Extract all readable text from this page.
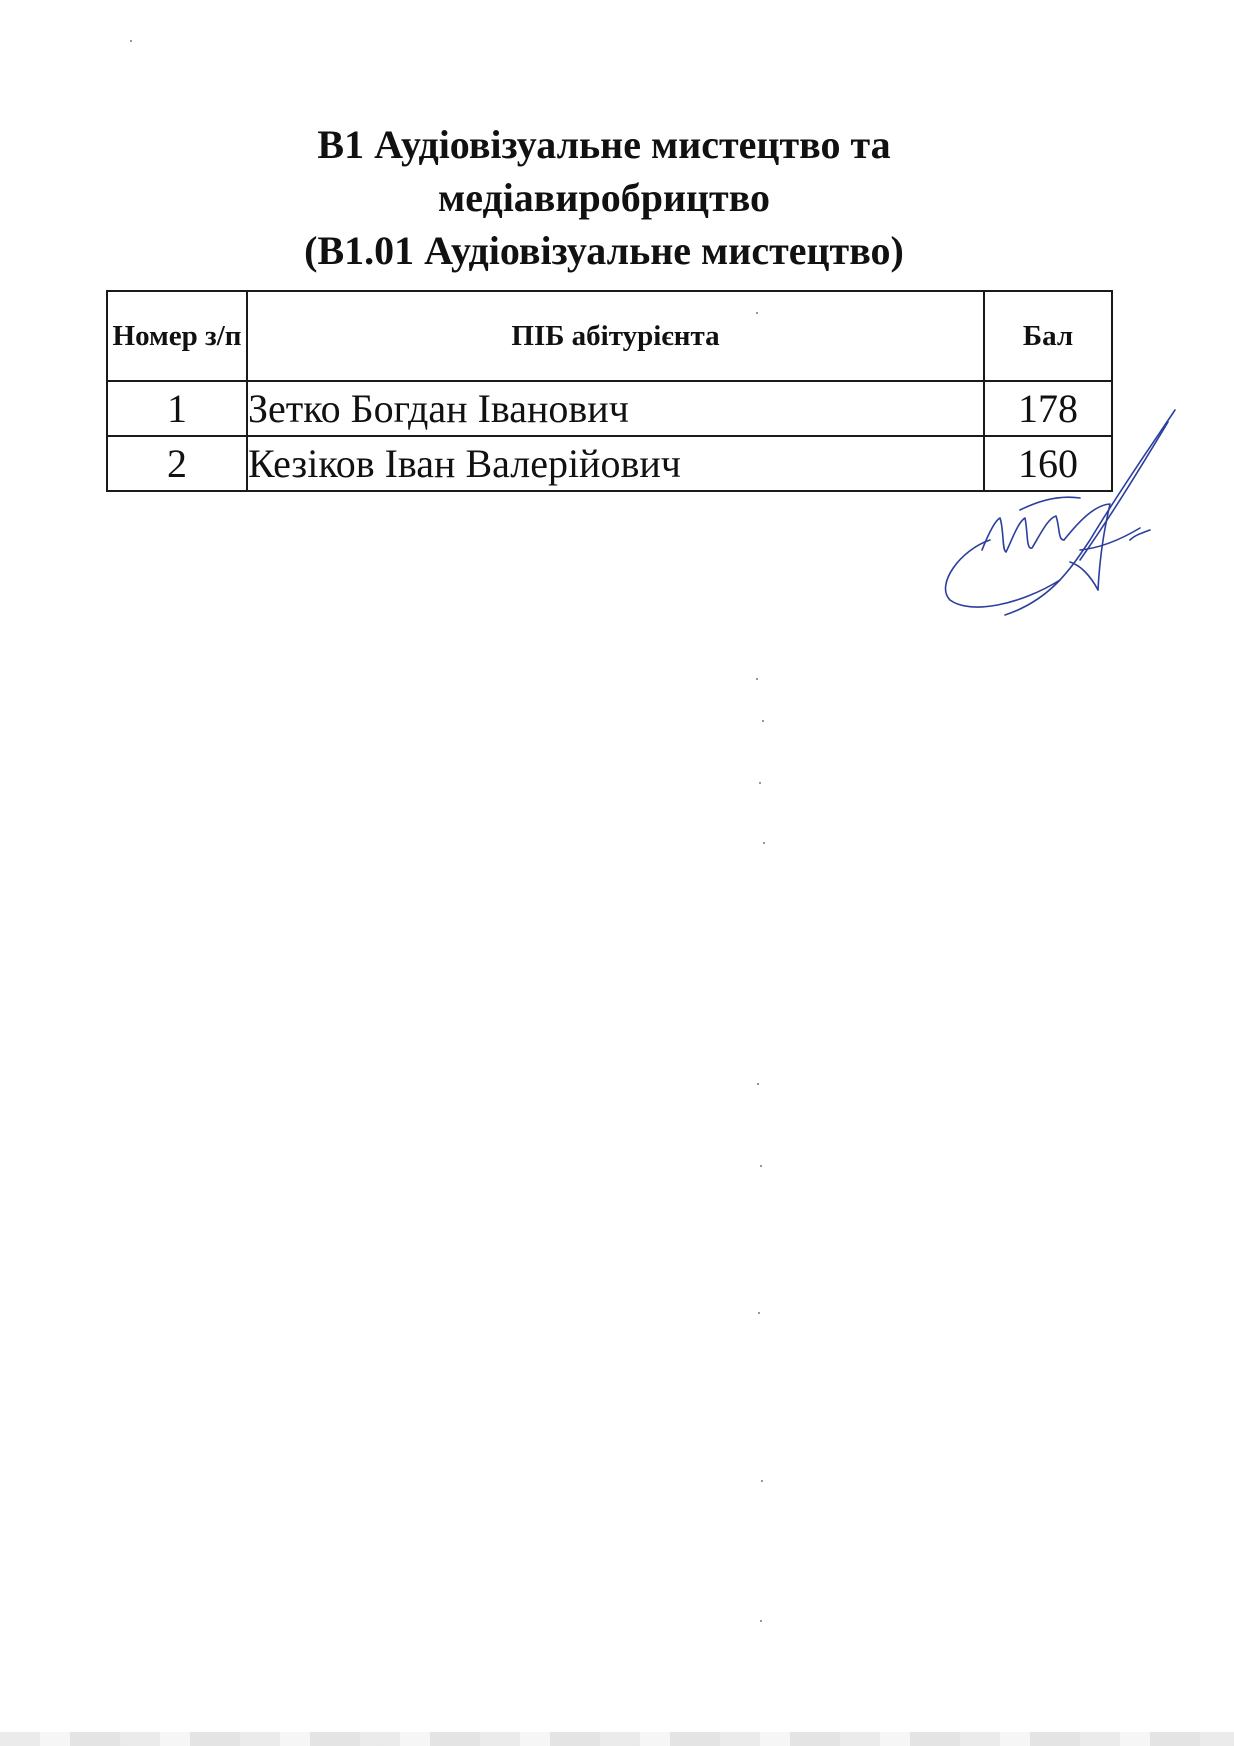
В1 Аудіовізуальне мистецтво та
медіавиробрицтво
(В1.01 Аудіовізуальне мистецтво)
Номер з/п	ПІБ абітурієнта	Бал
1	Зетко Богдан Іванович	178
2	Кезіков Іван Валерійович	160
